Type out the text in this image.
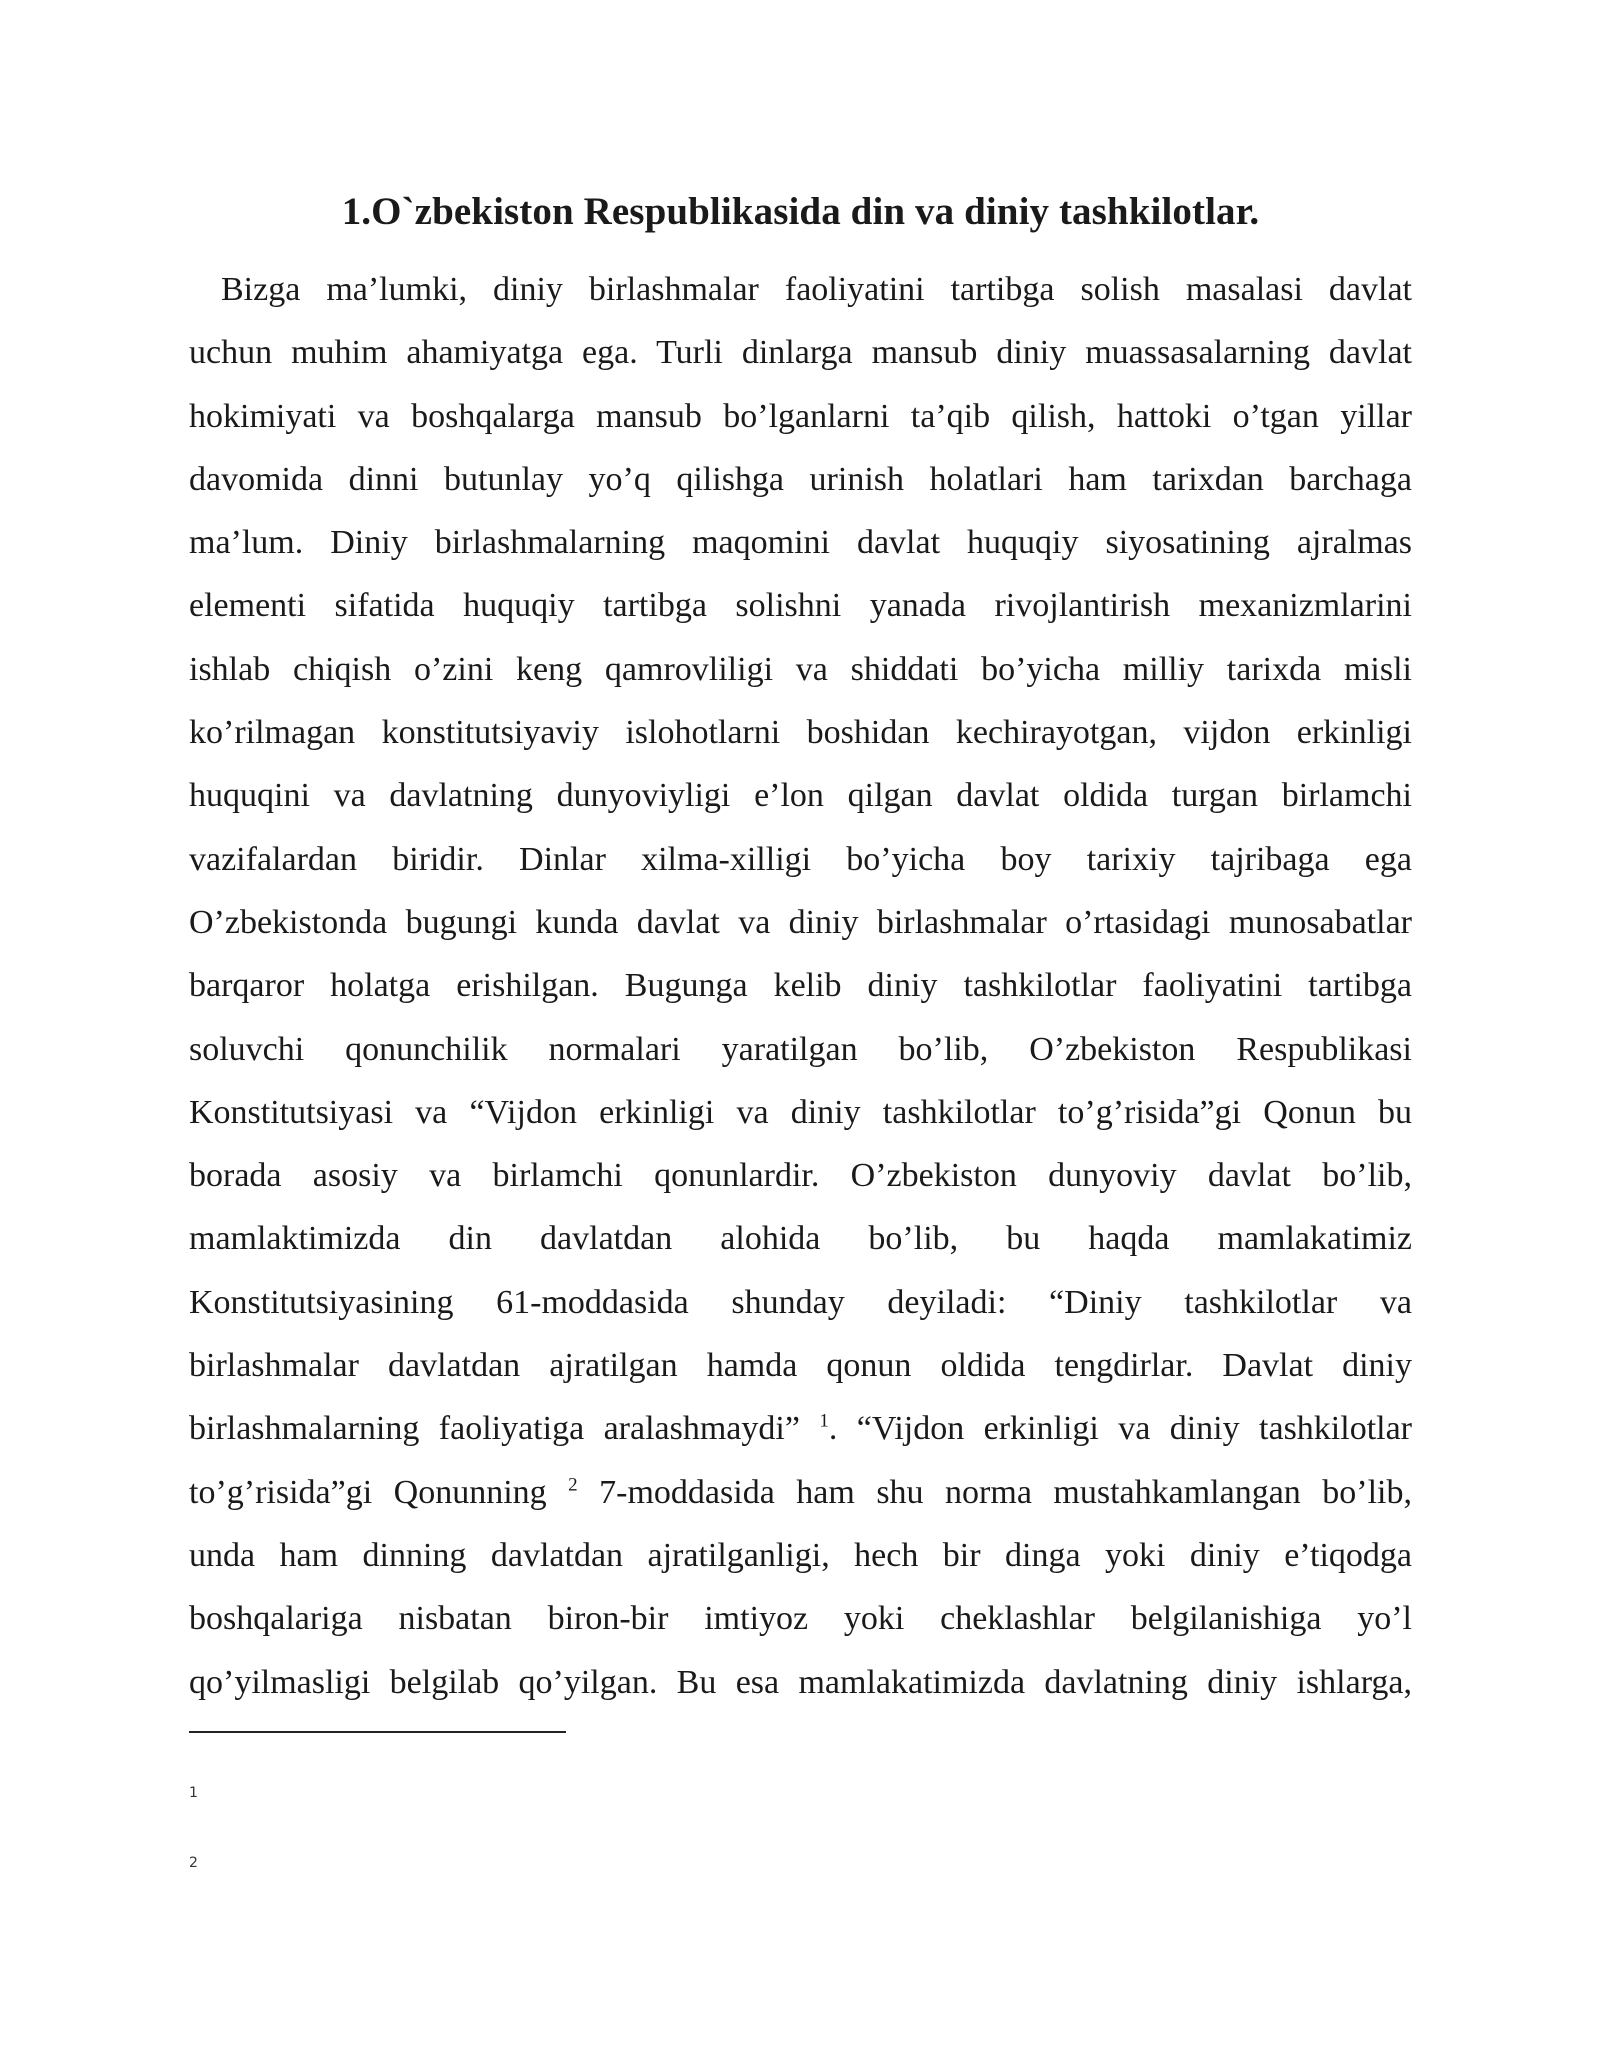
1.O`zbekiston Respublikasida din va diniy tashkilotlar.
Bizga ma’lumki, diniy birlashmalar faoliyatini tartibga solish masalasi davlat
uchun muhim ahamiyatga ega. Turli dinlarga mansub diniy muassasalarning davlat
hokimiyati va boshqalarga mansub bo’lganlarni ta’qib qilish, hattoki o’tgan yillar
davomida dinni butunlay yo’q qilishga urinish holatlari ham tarixdan barchaga
ma’lum. Diniy birlashmalarning maqomini davlat huquqiy siyosatining ajralmas
elementi sifatida huquqiy tartibga solishni yanada rivojlantirish mexanizmlarini
ishlab chiqish o’zini keng qamrovliligi va shiddati bo’yicha milliy tarixda misli
ko’rilmagan konstitutsiyaviy islohotlarni boshidan kechirayotgan, vijdon erkinligi
huquqini va davlatning dunyoviyligi e’lon qilgan davlat oldida turgan birlamchi
vazifalardan biridir. Dinlar xilma-xilligi bo’yicha boy tarixiy tajribaga ega
O’zbekistonda bugungi kunda davlat va diniy birlashmalar o’rtasidagi munosabatlar
barqaror holatga erishilgan. Bugunga kelib diniy tashkilotlar faoliyatini tartibga
soluvchi qonunchilik normalari yaratilgan bo’lib, O’zbekiston Respublikasi
Konstitutsiyasi va “Vijdon erkinligi va diniy tashkilotlar to’g’risida”gi Qonun bu
borada asosiy va birlamchi qonunlardir. O’zbekiston dunyoviy davlat bo’lib,
mamlaktimizda din davlatdan alohida bo’lib, bu haqda mamlakatimiz
Konstitutsiyasining 61-moddasida shunday deyiladi: “Diniy tashkilotlar va
birlashmalar davlatdan ajratilgan hamda qonun oldida tengdirlar. Davlat diniy
birlashmalarning faoliyatiga aralashmaydi” $^1$. “Vijdon erkinligi va diniy tashkilotlar
to’g’risida”gi Qonunning $^2$ 7-moddasida ham shu norma mustahkamlangan bo’lib,
unda ham dinning davlatdan ajratilganligi, hech bir dinga yoki diniy e’tiqodga
boshqalariga nisbatan biron-bir imtiyoz yoki cheklashlar belgilanishiga yo’l
qo’yilmasligi belgilab qo’yilgan. Bu esa mamlakatimizda davlatning diniy ishlarga,
1
2
